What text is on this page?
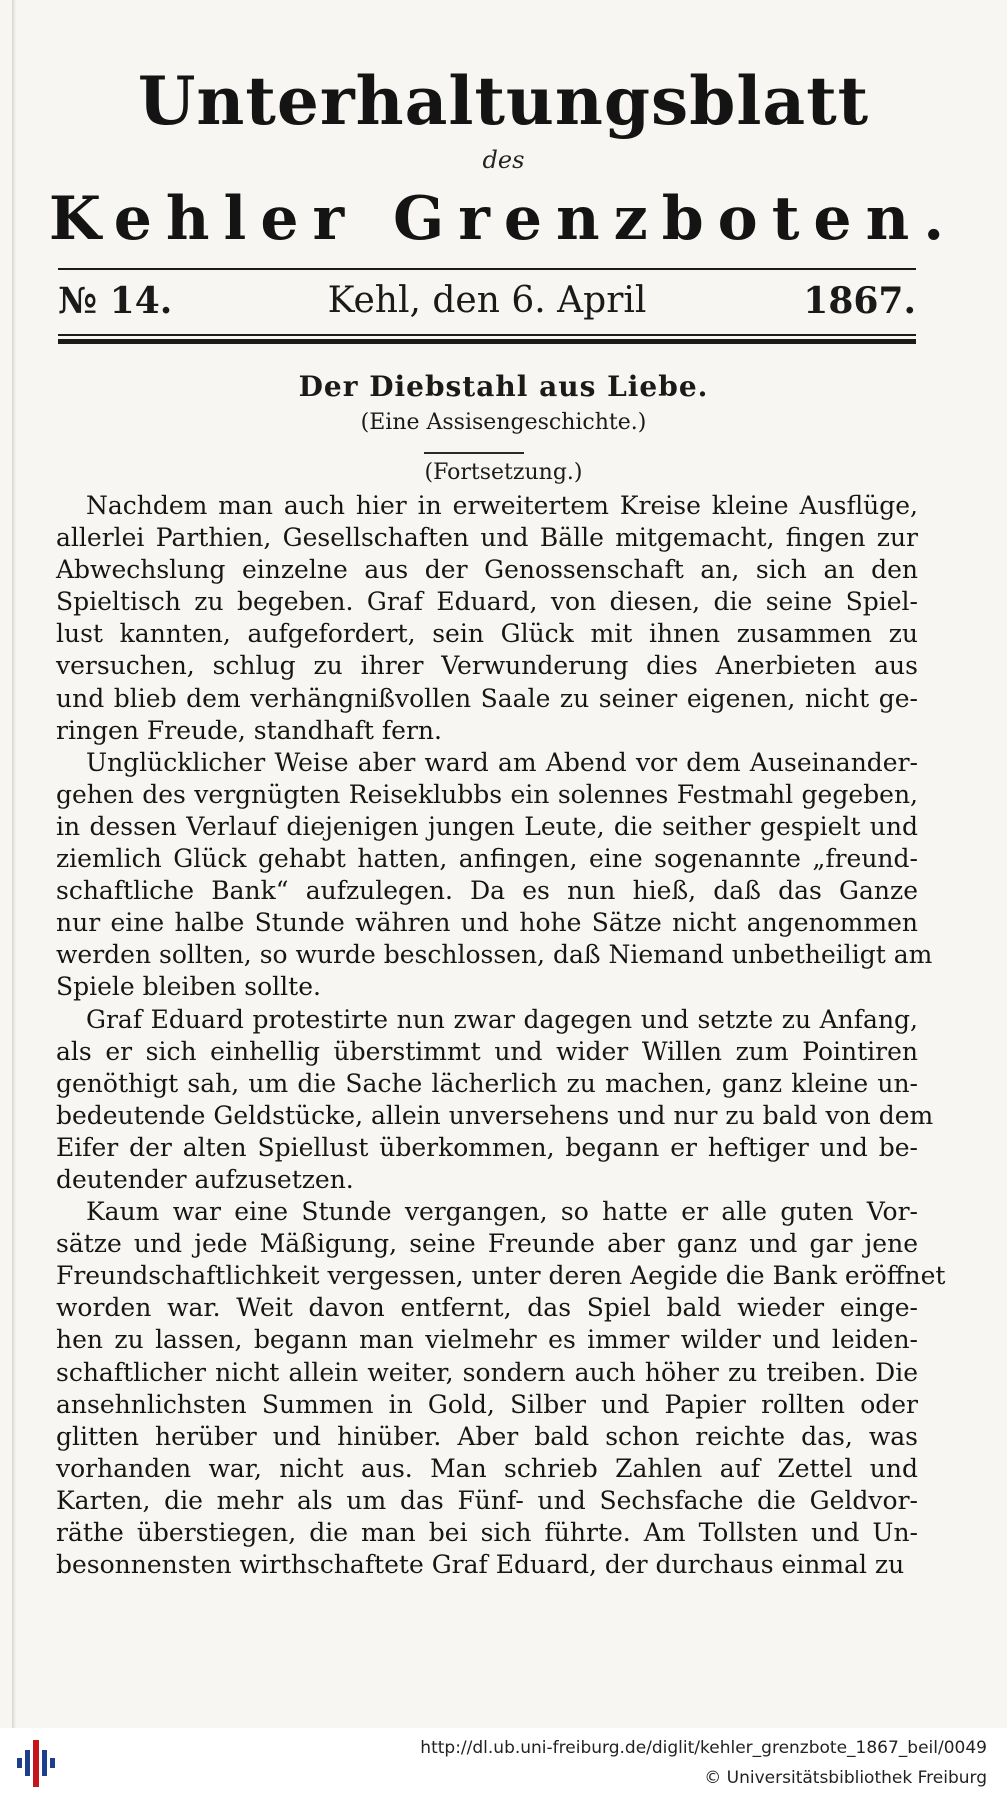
Unterhaltungsblatt
des
Kehler Grenzboten.
№ 14.	Kehl, den 6. April	1867.
Der Diebstahl aus Liebe.
(Eine Assisengeschichte.)
(Fortsetzung.)

Nachdem man auch hier in erweitertem Kreise kleine Ausflüge,
allerlei Parthien, Gesellschaften und Bälle mitgemacht, fingen zur
Abwechslung einzelne aus der Genossenschaft an, sich an den
Spieltisch zu begeben. Graf Eduard, von diesen, die seine Spiel-
lust kannten, aufgefordert, sein Glück mit ihnen zusammen zu
versuchen, schlug zu ihrer Verwunderung dies Anerbieten aus
und blieb dem verhängnißvollen Saale zu seiner eigenen, nicht ge-
ringen Freude, standhaft fern.

Unglücklicher Weise aber ward am Abend vor dem Auseinander-
gehen des vergnügten Reiseklubbs ein solennes Festmahl gegeben,
in dessen Verlauf diejenigen jungen Leute, die seither gespielt und
ziemlich Glück gehabt hatten, anfingen, eine sogenannte „freund-
schaftliche Bank“ aufzulegen. Da es nun hieß, daß das Ganze
nur eine halbe Stunde währen und hohe Sätze nicht angenommen
werden sollten, so wurde beschlossen, daß Niemand unbetheiligt am
Spiele bleiben sollte.

Graf Eduard protestirte nun zwar dagegen und setzte zu Anfang,
als er sich einhellig überstimmt und wider Willen zum Pointiren
genöthigt sah, um die Sache lächerlich zu machen, ganz kleine un-
bedeutende Geldstücke, allein unversehens und nur zu bald von dem
Eifer der alten Spiellust überkommen, begann er heftiger und be-
deutender aufzusetzen.

Kaum war eine Stunde vergangen, so hatte er alle guten Vor-
sätze und jede Mäßigung, seine Freunde aber ganz und gar jene
Freundschaftlichkeit vergessen, unter deren Aegide die Bank eröffnet
worden war. Weit davon entfernt, das Spiel bald wieder einge-
hen zu lassen, begann man vielmehr es immer wilder und leiden-
schaftlicher nicht allein weiter, sondern auch höher zu treiben. Die
ansehnlichsten Summen in Gold, Silber und Papier rollten oder
glitten herüber und hinüber. Aber bald schon reichte das, was
vorhanden war, nicht aus. Man schrieb Zahlen auf Zettel und
Karten, die mehr als um das Fünf- und Sechsfache die Geldvor-
räthe überstiegen, die man bei sich führte. Am Tollsten und Un-
besonnensten wirthschaftete Graf Eduard, der durchaus einmal zu

http://dl.ub.uni-freiburg.de/diglit/kehler_grenzbote_1867_beil/0049
© Universitätsbibliothek Freiburg
